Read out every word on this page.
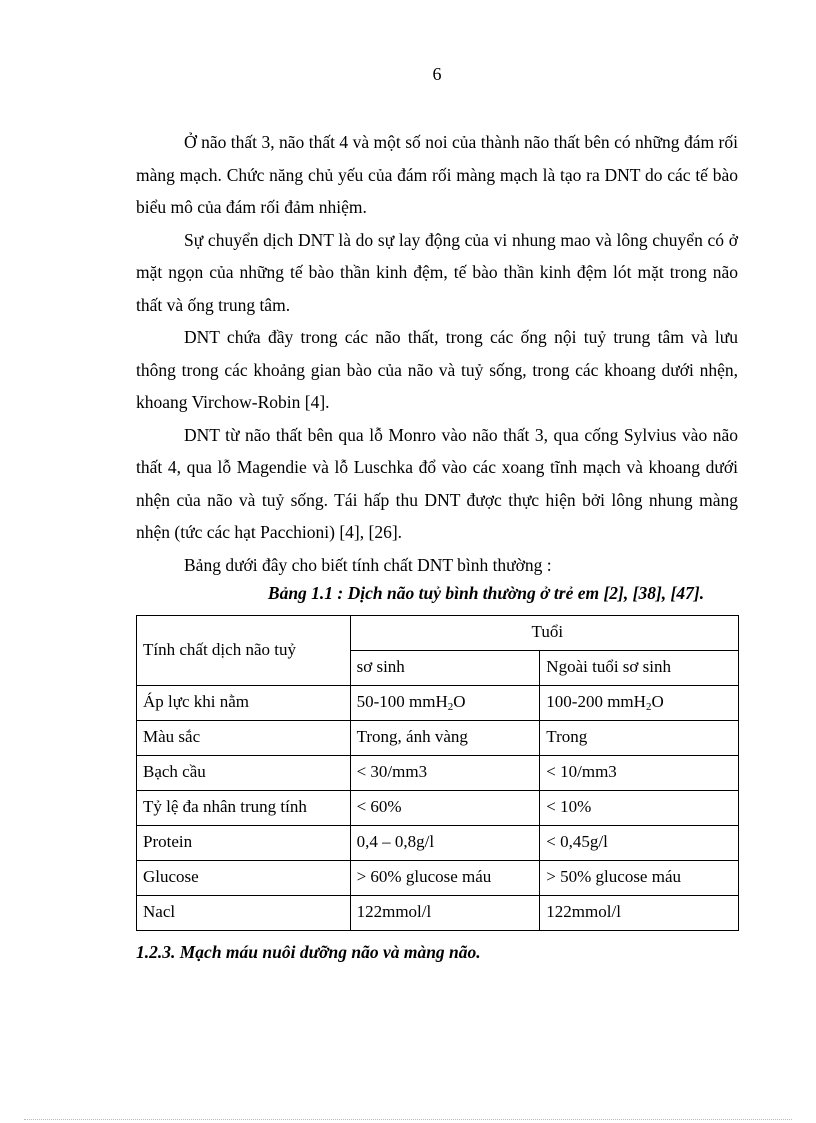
6

Ở não thất 3, não thất 4 và một số noi của thành não thất bên có những đám rối màng mạch. Chức năng chủ yếu của đám rối màng mạch là tạo ra DNT do các tế bào biểu mô của đám rối đảm nhiệm.

Sự chuyển dịch DNT là do sự lay động của vi nhung mao và lông chuyển có ở mặt ngọn của những tế bào thần kinh đệm, tế bào thần kinh đệm lót mặt trong não thất và ống trung tâm.

DNT chứa đầy trong các não thất, trong các ống nội tuỷ trung tâm và lưu thông trong các khoảng gian bào của não và tuỷ sống, trong các khoang dưới nhện, khoang Virchow-Robin [4].

DNT từ não thất bên qua lỗ Monro vào não thất 3, qua cống Sylvius vào não thất 4, qua lỗ Magendie và lỗ Luschka đổ vào các xoang tĩnh mạch và khoang dưới nhện của não và tuỷ sống. Tái hấp thu DNT được thực hiện bởi lông nhung màng nhện (tức các hạt Pacchioni) [4], [26].

Bảng dưới đây cho biết tính chất DNT bình thường :

Bảng 1.1 : Dịch não tuỷ bình thường ở trẻ em [2], [38], [47].

Tính chất dịch não tuỷ	Tuổi	
	sơ sinh	Ngoài tuổi sơ sinh
Áp lực khi nằm	50-100 mmH$_2$O	100-200 mmH$_2$O
Màu sắc	Trong, ánh vàng	Trong
Bạch cầu	< 30/mm3	< 10/mm3
Tỷ lệ đa nhân trung tính	< 60%	< 10%
Protein	0,4 – 0,8g/l	< 0,45g/l
Glucose	> 60% glucose máu	> 50% glucose máu
Nacl	122mmol/l	122mmol/l

1.2.3. Mạch máu nuôi dưỡng não và màng não.
